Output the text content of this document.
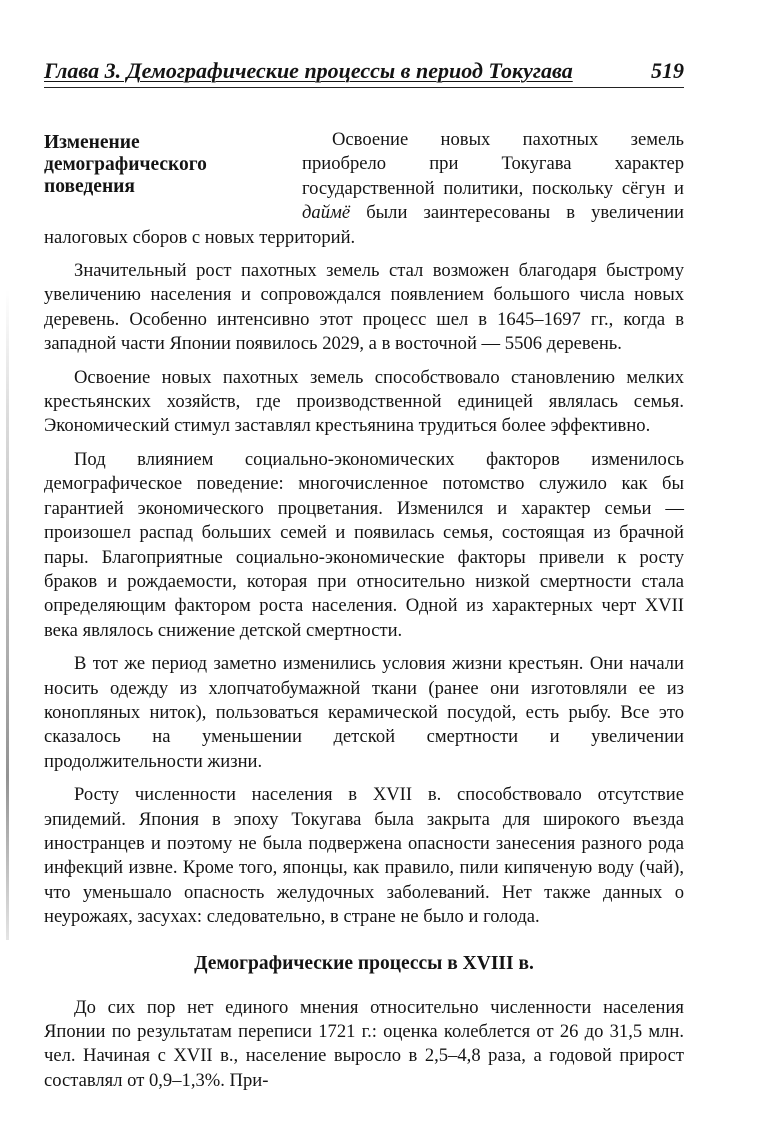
Глава 3. Демографические процессы в период Токугава	519
Изменение демографического поведения

Освоение новых пахотных земель приобрело при Токугава характер государственной политики, поскольку сёгун и даймё были заинтересованы в увеличении налоговых сборов с новых территорий.

Значительный рост пахотных земель стал возможен благодаря быстрому увеличению населения и сопровождался появлением большого числа новых деревень. Особенно интенсивно этот процесс шел в 1645–1697 гг., когда в западной части Японии появилось 2029, а в восточной — 5506 деревень.

Освоение новых пахотных земель способствовало становлению мелких крестьянских хозяйств, где производственной единицей являлась семья. Экономический стимул заставлял крестьянина трудиться более эффективно.

Под влиянием социально-экономических факторов изменилось демографическое поведение: многочисленное потомство служило как бы гарантией экономического процветания. Изменился и характер семьи — произошел распад больших семей и появилась семья, состоящая из брачной пары. Благоприятные социально-экономические факторы привели к росту браков и рождаемости, которая при относительно низкой смертности стала определяющим фактором роста населения. Одной из характерных черт XVII века являлось снижение детской смертности.

В тот же период заметно изменились условия жизни крестьян. Они начали носить одежду из хлопчатобумажной ткани (ранее они изготовляли ее из конопляных ниток), пользоваться керамической посудой, есть рыбу. Все это сказалось на уменьшении детской смертности и увеличении продолжительности жизни.

Росту численности населения в XVII в. способствовало отсутствие эпидемий. Япония в эпоху Токугава была закрыта для широкого въезда иностранцев и поэтому не была подвержена опасности занесения разного рода инфекций извне. Кроме того, японцы, как правило, пили кипяченую воду (чай), что уменьшало опасность желудочных заболеваний. Нет также данных о неурожаях, засухах: следовательно, в стране не было и голода.

Демографические процессы в XVIII в.

До сих пор нет единого мнения относительно численности населения Японии по результатам переписи 1721 г.: оценка колеблется от 26 до 31,5 млн. чел. Начиная с XVII в., население выросло в 2,5–4,8 раза, а годовой прирост составлял от 0,9–1,3%. При-
